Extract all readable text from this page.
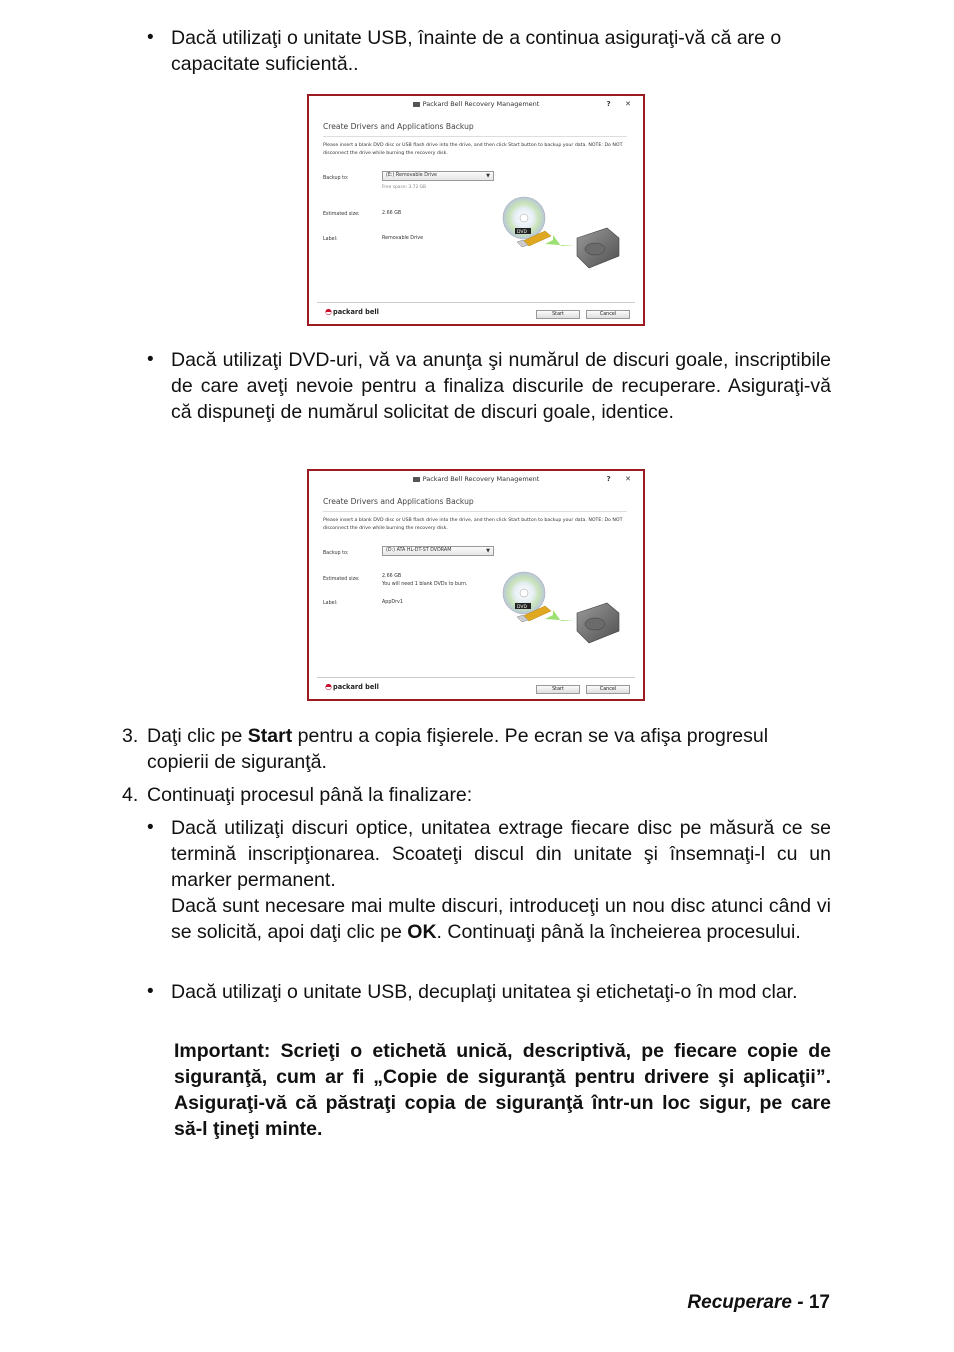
• Dacă utilizaţi o unitate USB, înainte de a continua asiguraţi-vă că are o capacitate suficientă..
Packard Bell Recovery Management	? ✕
Create Drivers and Applications Backup
Please insert a blank DVD disc or USB flash drive into the drive, and then click Start button to backup your data. NOTE: Do NOT disconnect the drive while burning the recovery disk.
Backup to:
(E:) Removable Drive	▼
Free space: 3.72 GB
Estimated size:	2.66 GB
Label:	Removable Drive
DVD
◓packard bell	Start	Cancel
• Dacă utilizaţi DVD-uri, vă va anunţa şi numărul de discuri goale, inscriptibile de care aveţi nevoie pentru a finaliza discurile de recuperare. Asiguraţi-vă că dispuneţi de numărul solicitat de discuri goale, identice.
Packard Bell Recovery Management	? ✕
Create Drivers and Applications Backup
Please insert a blank DVD disc or USB flash drive into the drive, and then click Start button to backup your data. NOTE: Do NOT disconnect the drive while burning the recovery disk.
Backup to:
(D:) ATA HL-DT-ST DVDRAM	▼
Estimated size:
2.66 GB
You will need 1 blank DVDs to burn.
Label:	AppDrv1
DVD
◓packard bell	Start	Cancel
3. Daţi clic pe Start pentru a copia fişierele. Pe ecran se va afişa progresul copierii de siguranţă.
4. Continuaţi procesul până la finalizare:
• Dacă utilizaţi discuri optice, unitatea extrage fiecare disc pe măsură ce se termină inscripţionarea. Scoateţi discul din unitate şi însemnaţi-l cu un marker permanent.
Dacă sunt necesare mai multe discuri, introduceţi un nou disc atunci când vi se solicită, apoi daţi clic pe OK. Continuaţi până la încheierea procesului.
• Dacă utilizaţi o unitate USB, decuplaţi unitatea şi etichetaţi-o în mod clar.
Important: Scrieţi o etichetă unică, descriptivă, pe fiecare copie de siguranţă, cum ar fi „Copie de siguranţă pentru drivere şi aplicaţii”. Asiguraţi-vă că păstraţi copia de siguranţă într-un loc sigur, pe care să-l ţineţi minte.
Recuperare - 17
